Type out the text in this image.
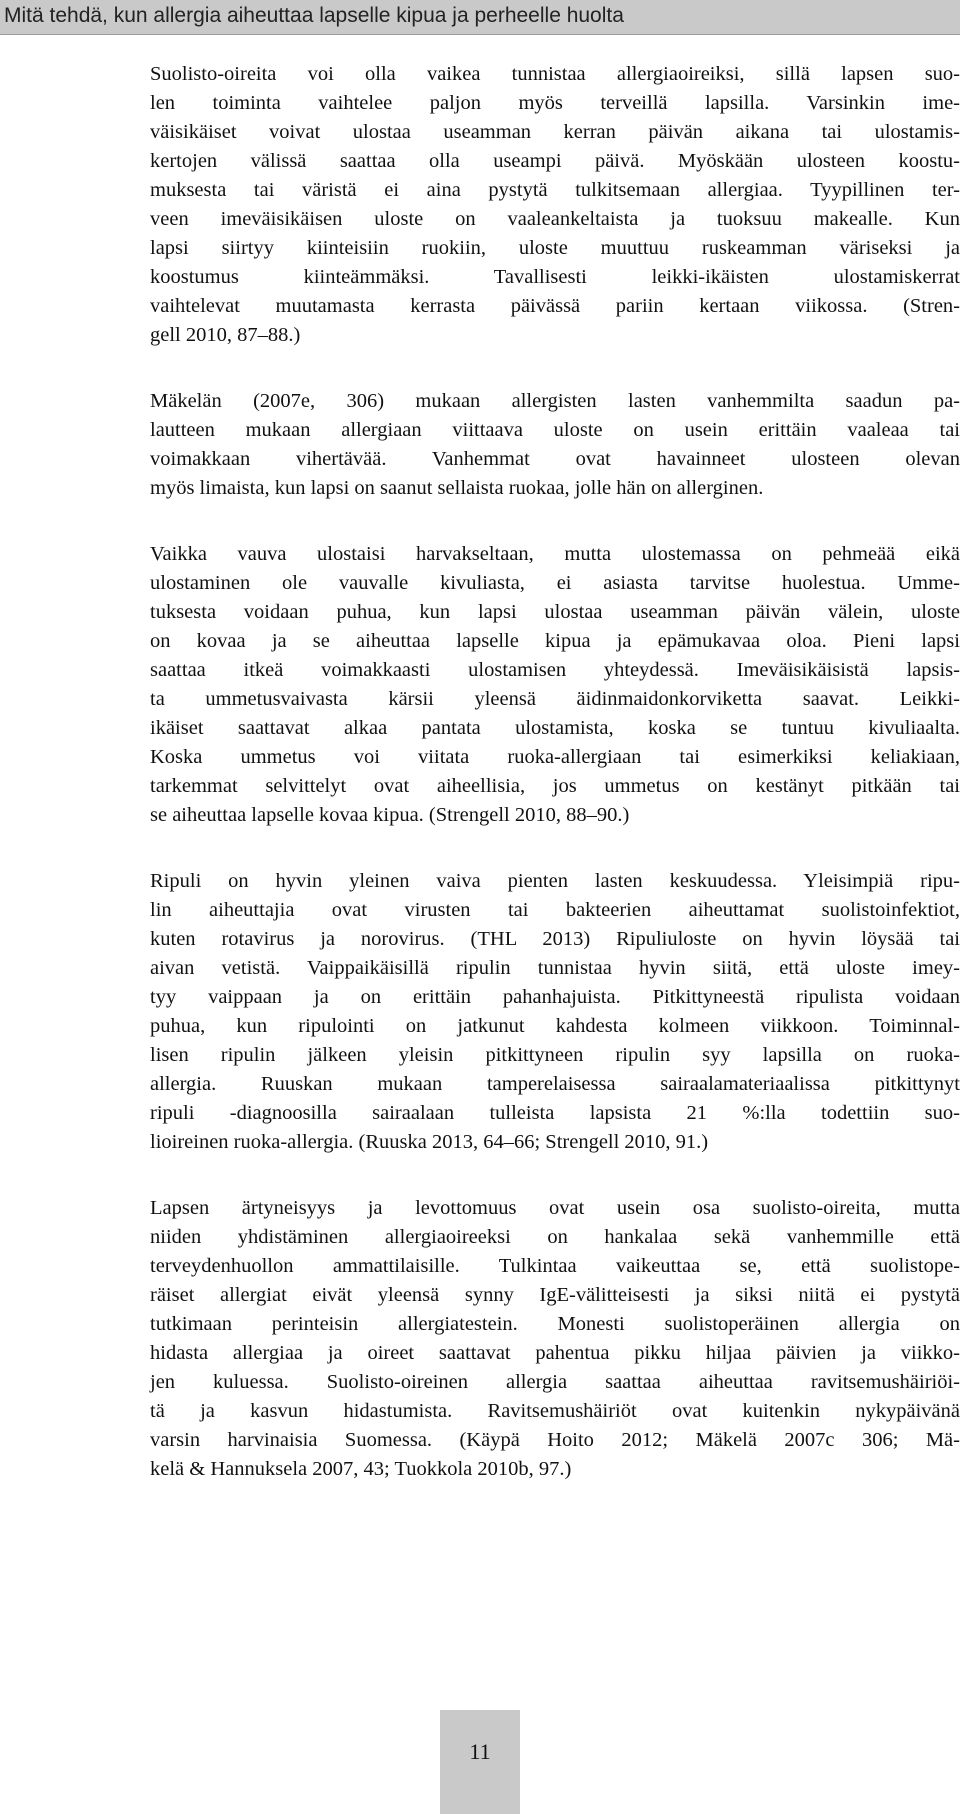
Mitä tehdä, kun allergia aiheuttaa lapselle kipua ja perheelle huolta

Suolisto-oireita voi olla vaikea tunnistaa allergiaoireiksi, sillä lapsen suo-
len toiminta vaihtelee paljon myös terveillä lapsilla. Varsinkin ime-
väisikäiset voivat ulostaa useamman kerran päivän aikana tai ulostamis-
kertojen välissä saattaa olla useampi päivä. Myöskään ulosteen koostu-
muksesta tai väristä ei aina pystytä tulkitsemaan allergiaa. Tyypillinen ter-
veen imeväisikäisen uloste on vaaleankeltaista ja tuoksuu makealle. Kun
lapsi siirtyy kiinteisiin ruokiin, uloste muuttuu ruskeamman väriseksi ja
koostumus kiinteämmäksi. Tavallisesti leikki-ikäisten ulostamiskerrat
vaihtelevat muutamasta kerrasta päivässä pariin kertaan viikossa. (Stren-
gell 2010, 87–88.)

Mäkelän (2007e, 306) mukaan allergisten lasten vanhemmilta saadun pa-
lautteen mukaan allergiaan viittaava uloste on usein erittäin vaaleaa tai
voimakkaan vihertävää. Vanhemmat ovat havainneet ulosteen olevan
myös limaista, kun lapsi on saanut sellaista ruokaa, jolle hän on allerginen.

Vaikka vauva ulostaisi harvakseltaan, mutta ulostemassa on pehmeää eikä
ulostaminen ole vauvalle kivuliasta, ei asiasta tarvitse huolestua. Umme-
tuksesta voidaan puhua, kun lapsi ulostaa useamman päivän välein, uloste
on kovaa ja se aiheuttaa lapselle kipua ja epämukavaa oloa. Pieni lapsi
saattaa itkeä voimakkaasti ulostamisen yhteydessä. Imeväisikäisistä lapsis-
ta ummetusvaivasta kärsii yleensä äidinmaidonkorviketta saavat. Leikki-
ikäiset saattavat alkaa pantata ulostamista, koska se tuntuu kivuliaalta.
Koska ummetus voi viitata ruoka-allergiaan tai esimerkiksi keliakiaan,
tarkemmat selvittelyt ovat aiheellisia, jos ummetus on kestänyt pitkään tai
se aiheuttaa lapselle kovaa kipua. (Strengell 2010, 88–90.)

Ripuli on hyvin yleinen vaiva pienten lasten keskuudessa. Yleisimpiä ripu-
lin aiheuttajia ovat virusten tai bakteerien aiheuttamat suolistoinfektiot,
kuten rotavirus ja norovirus. (THL 2013) Ripuliuloste on hyvin löysää tai
aivan vetistä. Vaippaikäisillä ripulin tunnistaa hyvin siitä, että uloste imey-
tyy vaippaan ja on erittäin pahanhajuista. Pitkittyneestä ripulista voidaan
puhua, kun ripulointi on jatkunut kahdesta kolmeen viikkoon. Toiminnal-
lisen ripulin jälkeen yleisin pitkittyneen ripulin syy lapsilla on ruoka-
allergia. Ruuskan mukaan tamperelaisessa sairaalamateriaalissa pitkittynyt
ripuli -diagnoosilla sairaalaan tulleista lapsista 21 %:lla todettiin suo-
lioireinen ruoka-allergia. (Ruuska 2013, 64–66; Strengell 2010, 91.)

Lapsen ärtyneisyys ja levottomuus ovat usein osa suolisto-oireita, mutta
niiden yhdistäminen allergiaoireeksi on hankalaa sekä vanhemmille että
terveydenhuollon ammattilaisille. Tulkintaa vaikeuttaa se, että suolistope-
räiset allergiat eivät yleensä synny IgE-välitteisesti ja siksi niitä ei pystytä
tutkimaan perinteisin allergiatestein. Monesti suolistoperäinen allergia on
hidasta allergiaa ja oireet saattavat pahentua pikku hiljaa päivien ja viikko-
jen kuluessa. Suolisto-oireinen allergia saattaa aiheuttaa ravitsemushäiriöi-
tä ja kasvun hidastumista. Ravitsemushäiriöt ovat kuitenkin nykypäivänä
varsin harvinaisia Suomessa. (Käypä Hoito 2012; Mäkelä 2007c 306; Mä-
kelä & Hannuksela 2007, 43; Tuokkola 2010b, 97.)

11
